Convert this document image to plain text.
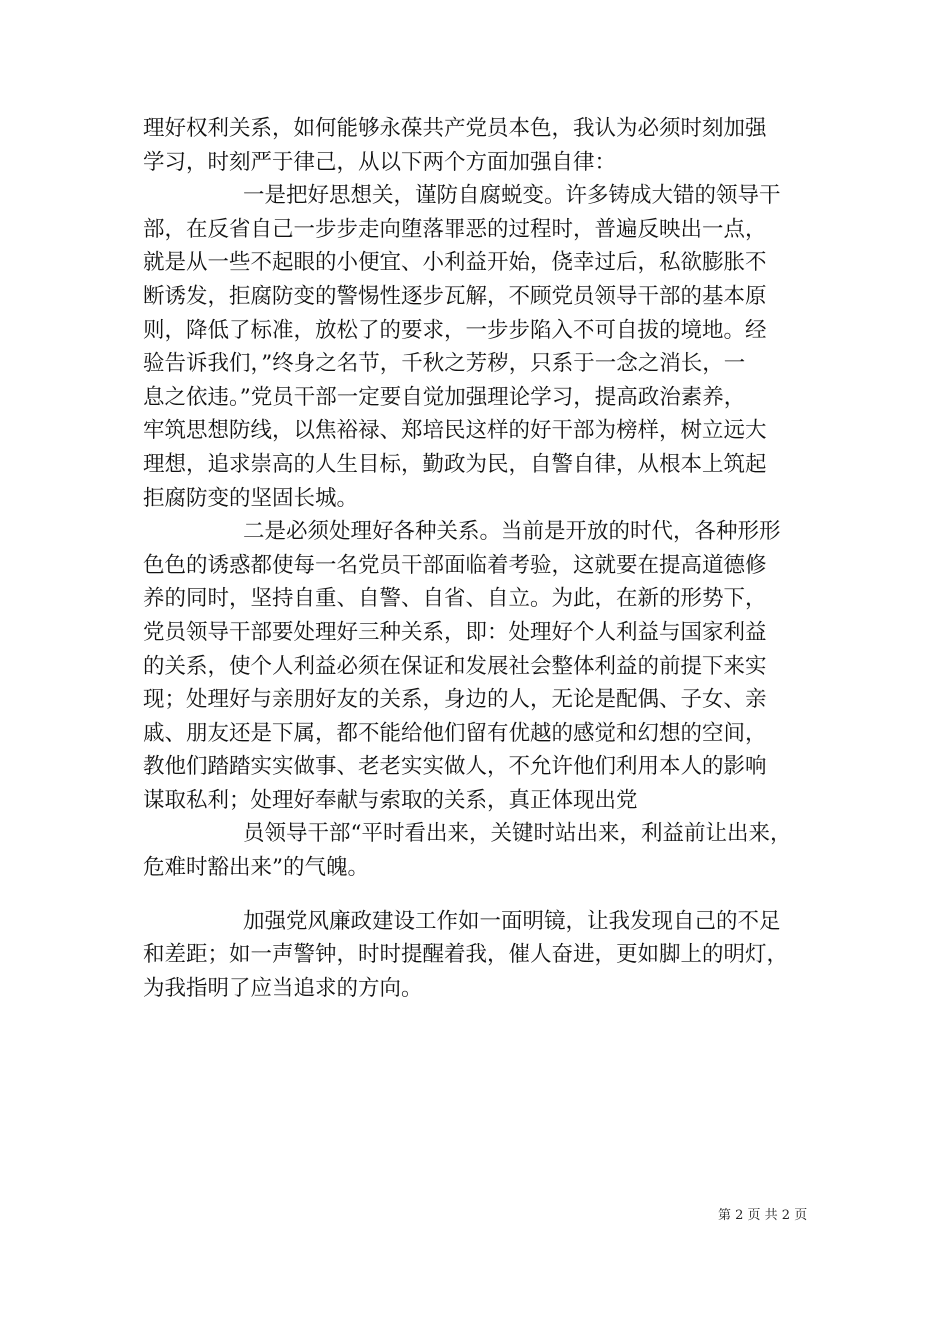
理好权利关系，如何能够永葆共产党员本色，我认为必须时刻加强
学习，时刻严于律己，从以下两个方面加强自律：
一是把好思想关，谨防自腐蜕变。许多铸成大错的领导干
部，在反省自己一步步走向堕落罪恶的过程时，普遍反映出一点，
就是从一些不起眼的小便宜、小利益开始，侥幸过后，私欲膨胀不
断诱发，拒腐防变的警惕性逐步瓦解，不顾党员领导干部的基本原
则，降低了标准，放松了的要求，一步步陷入不可自拔的境地。经
验告诉我们，”终身之名节，千秋之芳秽，只系于一念之消长，一
息之依违。”党员干部一定要自觉加强理论学习，提高政治素养，
牢筑思想防线，以焦裕禄、郑培民这样的好干部为榜样，树立远大
理想，追求崇高的人生目标，勤政为民，自警自律，从根本上筑起
拒腐防变的坚固长城。
二是必须处理好各种关系。当前是开放的时代，各种形形
色色的诱惑都使每一名党员干部面临着考验，这就要在提高道德修
养的同时，坚持自重、自警、自省、自立。为此，在新的形势下，
党员领导干部要处理好三种关系，即：处理好个人利益与国家利益
的关系，使个人利益必须在保证和发展社会整体利益的前提下来实
现；处理好与亲朋好友的关系，身边的人，无论是配偶、子女、亲
戚、朋友还是下属，都不能给他们留有优越的感觉和幻想的空间，
教他们踏踏实实做事、老老实实做人，不允许他们利用本人的影响
谋取私利；处理好奉献与索取的关系，真正体现出党
员领导干部“平时看出来，关键时站出来，利益前让出来，
危难时豁出来”的气魄。
加强党风廉政建设工作如一面明镜，让我发现自己的不足
和差距；如一声警钟，时时提醒着我，催人奋进，更如脚上的明灯，
为我指明了应当追求的方向。
第 2 页 共 2 页
